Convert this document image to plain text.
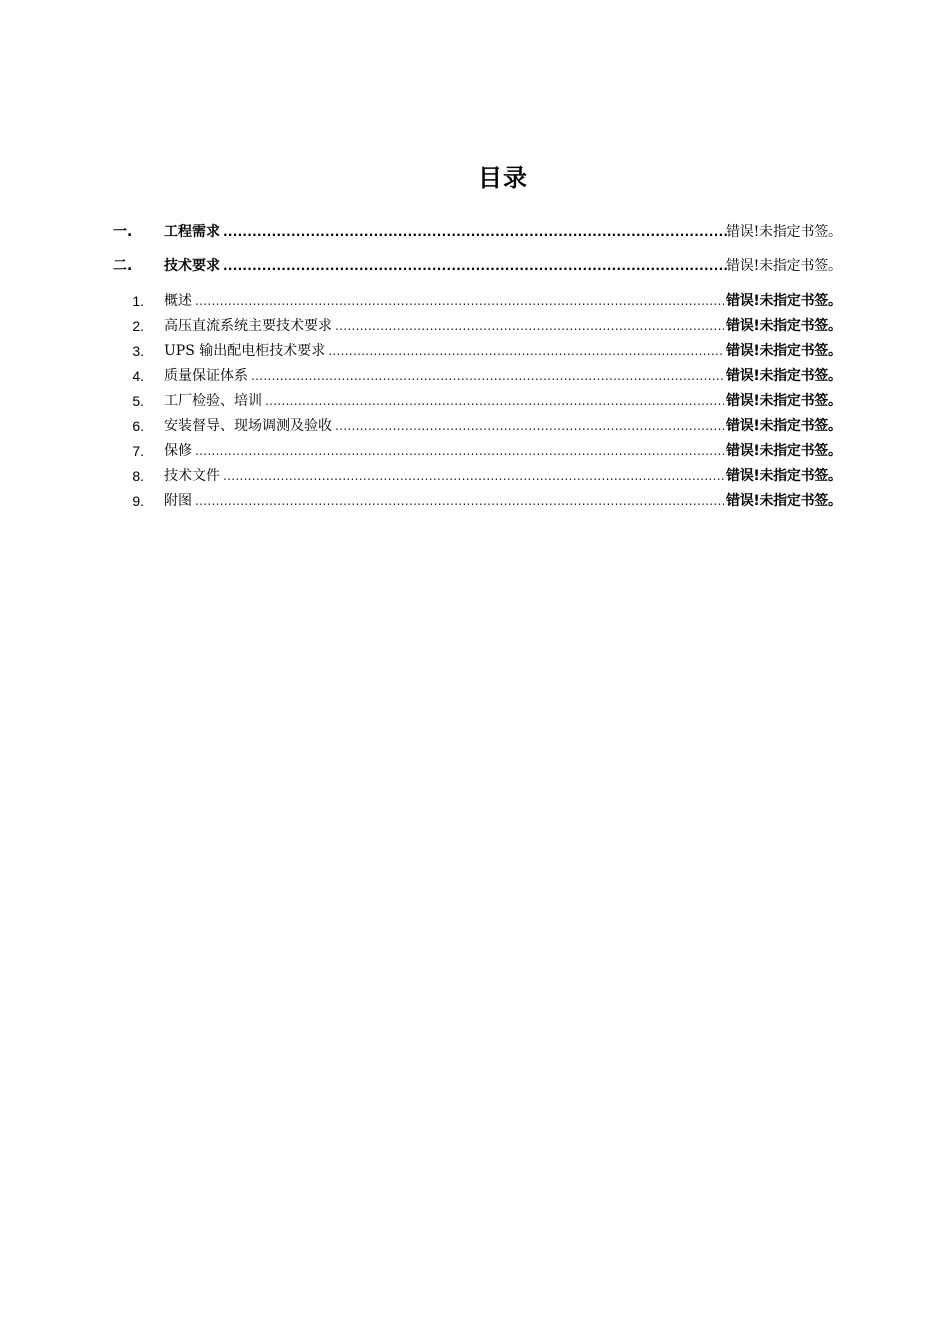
目录
一. 工程需求 .....	错误!未指定书签。
二. 技术要求 .....	错误!未指定书签。
1. 概述 .....	错误!未指定书签。
2. 高压直流系统主要技术要求 .....	错误!未指定书签。
3. UPS 输出配电柜技术要求 .....	错误!未指定书签。
4. 质量保证体系 .....	错误!未指定书签。
5. 工厂检验、培训 .....	错误!未指定书签。
6. 安装督导、现场调测及验收 .....	错误!未指定书签。
7. 保修 .....	错误!未指定书签。
8. 技术文件 .....	错误!未指定书签。
9. 附图 .....	错误!未指定书签。
